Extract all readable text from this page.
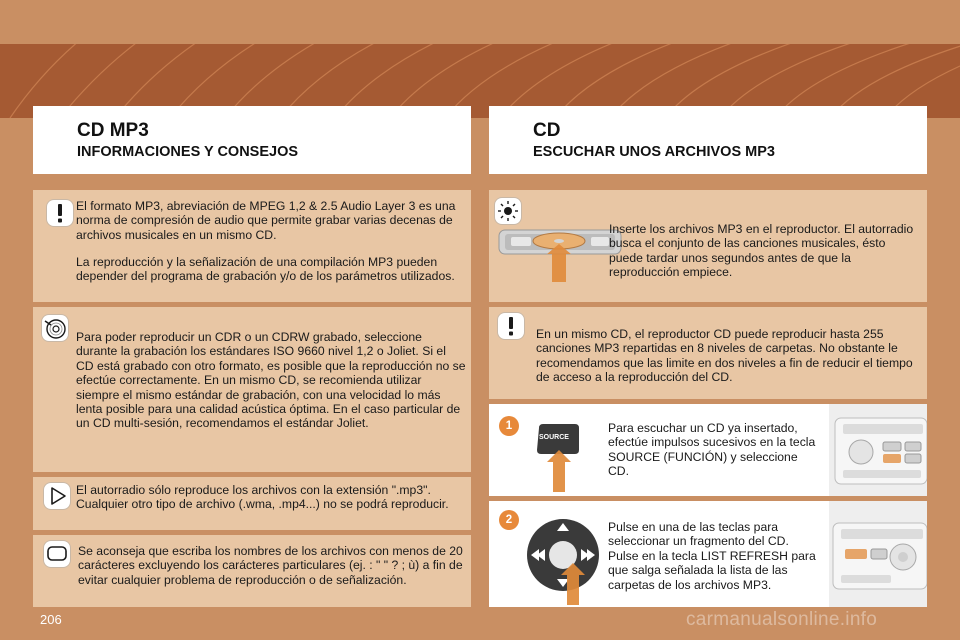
CD MP3
INFORMACIONES Y CONSEJOS
CD
ESCUCHAR UNOS ARCHIVOS MP3
El formato MP3, abreviación de MPEG 1,2 & 2.5 Audio Layer 3 es una norma de compresión de audio que permite grabar varias decenas de archivos musicales en un mismo CD.
La reproducción y la señalización de una compilación MP3 pueden depender del programa de grabación y/o de los parámetros utilizados.
Para poder reproducir un CDR o un CDRW grabado, seleccione durante la grabación los estándares ISO 9660 nivel 1,2 o Joliet. Si el CD está grabado con otro formato, es posible que la reproducción no se efectúe correctamente. En un mismo CD, se recomienda utilizar siempre el mismo estándar de grabación, con una velocidad lo más lenta posible para una calidad acústica óptima. En el caso particular de un CD multi-sesión, recomendamos el estándar Joliet.
El autorradio sólo reproduce los archivos con la extensión ".mp3". Cualquier otro tipo de archivo (.wma, .mp4...) no se podrá reproducir.
Se aconseja que escriba los nombres de los archivos con menos de 20 carácteres excluyendo los carácteres particulares (ej. : " " ? ; ù) a fin de evitar cualquier problema de reproducción o de señalización.
Inserte los archivos MP3 en el reproductor. El autorradio busca el conjunto de las canciones musicales, ésto puede tardar unos segundos antes de que la reproducción empiece.
En un mismo CD, el reproductor CD puede reproducir hasta 255 canciones MP3 repartidas en 8 niveles de carpetas. No obstante le recomendamos que las limite en dos niveles a fin de reducir el tiempo de acceso a la reproducción del CD.
1
SOURCE
Para escuchar un CD ya insertado, efectúe impulsos sucesivos en la tecla SOURCE (FUNCIÓN) y seleccione CD.
2	Pulse en una de las teclas para seleccionar un fragmento del CD. Pulse en la tecla LIST REFRESH para que salga señalada la lista de las carpetas de los archivos MP3.
206	carmanualsonline.info
